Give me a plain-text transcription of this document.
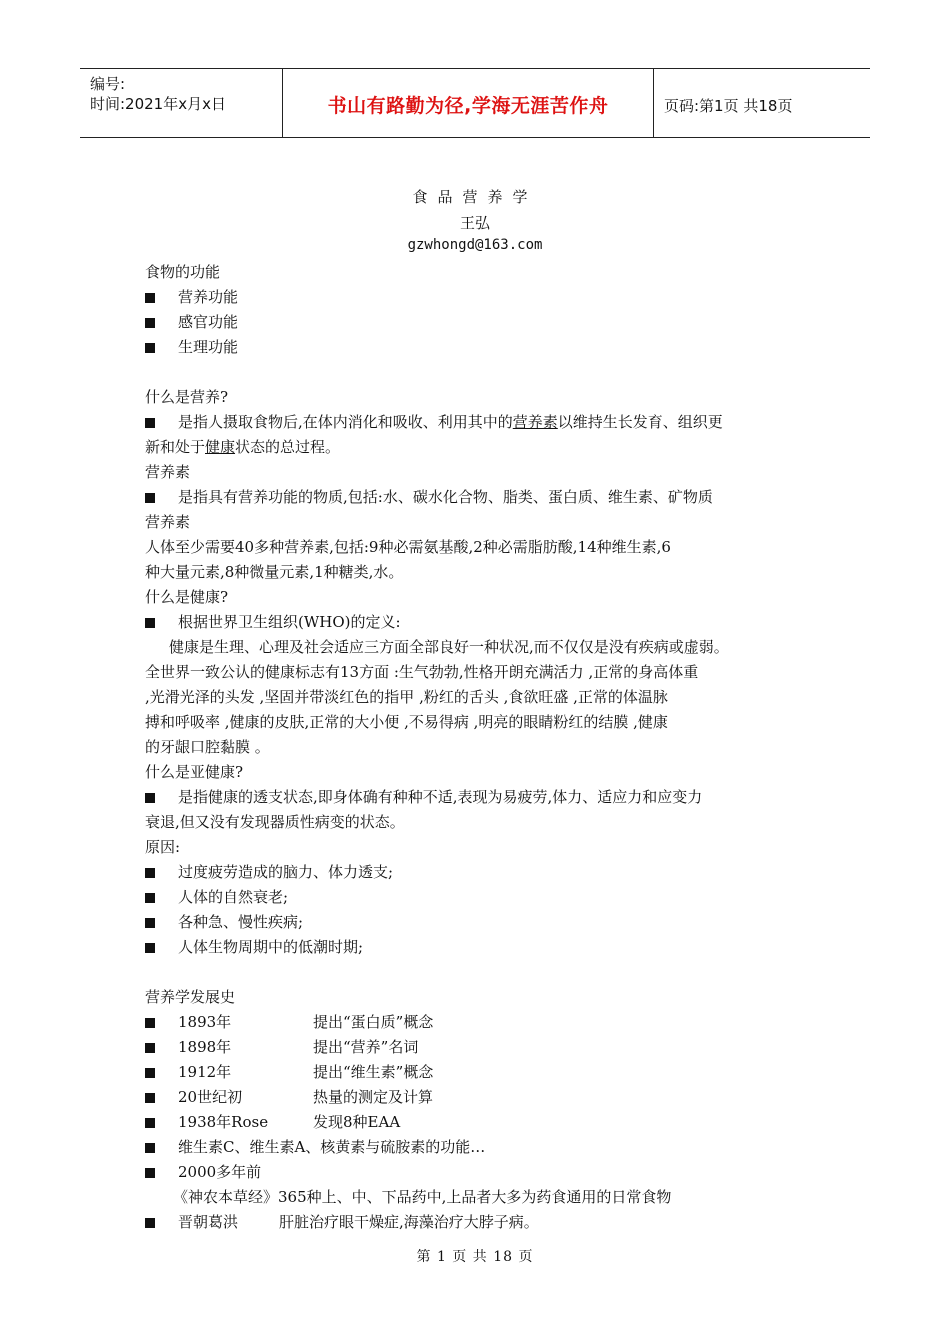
编号:
时间:2021年x月x日	书山有路勤为径,学海无涯苦作舟	页码:第1页 共18页
食品营养学
王弘
gzwhongd@163.com
食物的功能
营养功能
感官功能
生理功能
什么是营养?
是指人摄取食物后,在体内消化和吸收、利用其中的营养素以维持生长发育、组织更
新和处于健康状态的总过程。
营养素
是指具有营养功能的物质,包括:水、碳水化合物、脂类、蛋白质、维生素、矿物质
营养素
人体至少需要40多种营养素,包括:9种必需氨基酸,2种必需脂肪酸,14种维生素,6
种大量元素,8种微量元素,1种糖类,水。
什么是健康?
根据世界卫生组织(WHO)的定义:
健康是生理、心理及社会适应三方面全部良好一种状况,而不仅仅是没有疾病或虚弱。
全世界一致公认的健康标志有13方面 :生气勃勃,性格开朗充满活力 ,正常的身高体重
,光滑光泽的头发 ,坚固并带淡红色的指甲 ,粉红的舌头 ,食欲旺盛 ,正常的体温脉
搏和呼吸率 ,健康的皮肤,正常的大小便 ,不易得病 ,明亮的眼睛粉红的结膜 ,健康
的牙龈口腔黏膜 。
什么是亚健康?
是指健康的透支状态,即身体确有种种不适,表现为易疲劳,体力、适应力和应变力
衰退,但又没有发现器质性病变的状态。
原因:
过度疲劳造成的脑力、体力透支;
人体的自然衰老;
各种急、慢性疾病;
人体生物周期中的低潮时期;
营养学发展史
1893年	提出“蛋白质”概念
1898年	提出“营养”名词
1912年	提出“维生素”概念
20世纪初	热量的测定及计算
1938年Rose	发现8种EAA
维生素C、维生素A、核黄素与硫胺素的功能…
2000多年前
《神农本草经》365种上、中、下品药中,上品者大多为药食通用的日常食物
晋朝葛洪	肝脏治疗眼干燥症,海藻治疗大脖子病。
第 1 页 共 18 页
